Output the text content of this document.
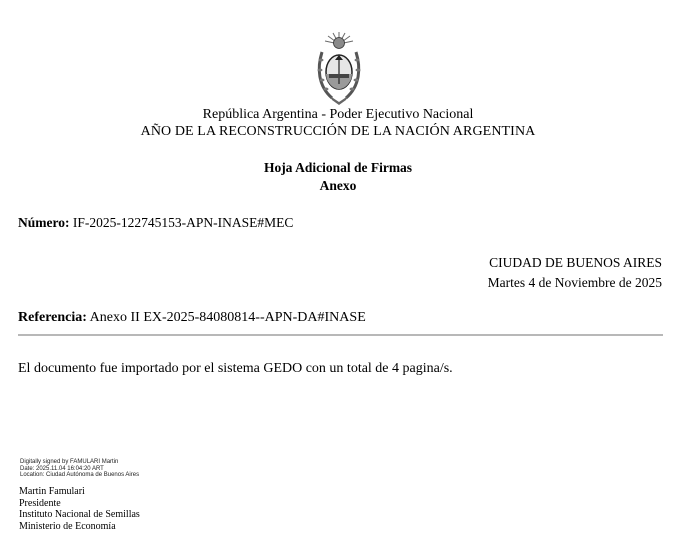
República Argentina - Poder Ejecutivo Nacional
AÑO DE LA RECONSTRUCCIÓN DE LA NACIÓN ARGENTINA
Hoja Adicional de Firmas
Anexo
Número: IF-2025-122745153-APN-INASE#MEC
CIUDAD DE BUENOS AIRES
Martes 4 de Noviembre de 2025
Referencia: Anexo II EX-2025-84080814--APN-DA#INASE
El documento fue importado por el sistema GEDO con un total de 4 pagina/s.
Digitally signed by FAMULARI Martin
Date: 2025.11.04 16:04:20 ART
Location: Ciudad Autónoma de Buenos Aires
Martin Famulari
Presidente
Instituto Nacional de Semillas
Ministerio de Economía
